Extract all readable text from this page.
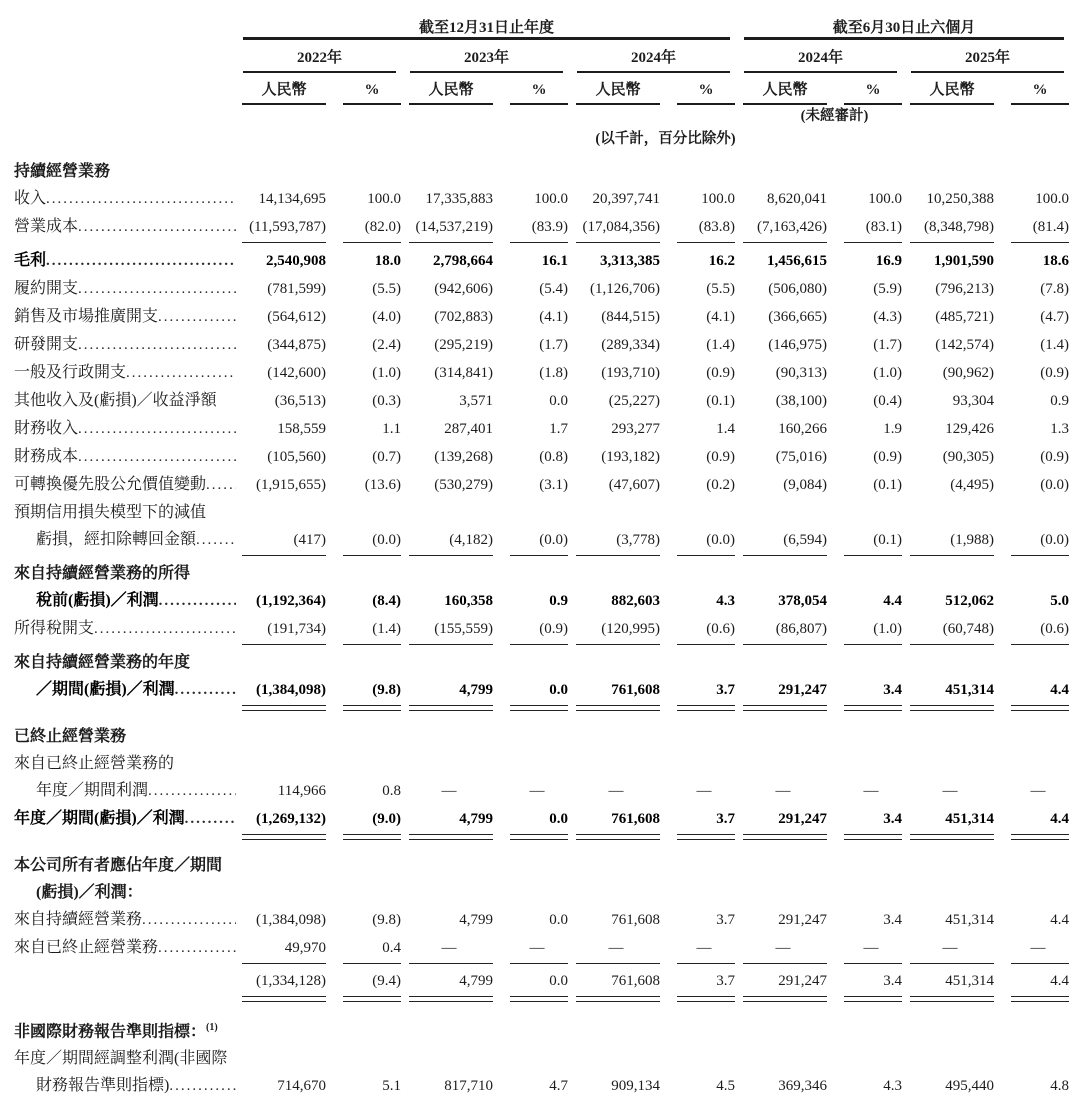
截至12月31日止年度	截至6月30日止六個月
2022年	2023年	2024年	2024年	2025年
人民幣	%	人民幣	%	人民幣	%	人民幣	%	人民幣	%
(未經審計)
(以千計，百分比除外)
持續經營業務
收入 .....	14,134,695	100.0	17,335,883	100.0	20,397,741	100.0	8,620,041	100.0	10,250,388	100.0
營業成本 .....	(11,593,787)	(82.0) (14,537,219)	(83.9) (17,084,356)	(83.8)	(7,163,426)	(83.1)	(8,348,798)	(81.4)
毛利 .....	2,540,908	18.0	2,798,664	16.1	3,313,385	16.2	1,456,615	16.9	1,901,590	18.6
履約開支 .....	(781,599)	(5.5)	(942,606)	(5.4)	(1,126,706)	(5.5)	(506,080)	(5.9)	(796,213)	(7.8)
銷售及市場推廣開支 .....	(564,612)	(4.0)	(702,883)	(4.1)	(844,515)	(4.1)	(366,665)	(4.3)	(485,721)	(4.7)
研發開支 .....	(344,875)	(2.4)	(295,219)	(1.7)	(289,334)	(1.4)	(146,975)	(1.7)	(142,574)	(1.4)
一般及行政開支 .....	(142,600)	(1.0)	(314,841)	(1.8)	(193,710)	(0.9)	(90,313)	(1.0)	(90,962)	(0.9)
其他收入及(虧損)／收益淨額	(36,513)	(0.3)	3,571	0.0	(25,227)	(0.1)	(38,100)	(0.4)	93,304	0.9
財務收入 .....	158,559	1.1	287,401	1.7	293,277	1.4	160,266	1.9	129,426	1.3
財務成本 .....	(105,560)	(0.7)	(139,268)	(0.8)	(193,182)	(0.9)	(75,016)	(0.9)	(90,305)	(0.9)
可轉換優先股公允價值變動 .....	(1,915,655)	(13.6)	(530,279)	(3.1)	(47,607)	(0.2)	(9,084)	(0.1)	(4,495)	(0.0)
預期信用損失模型下的減值
虧損，經扣除轉回金額 .....	(417)	(0.0)	(4,182)	(0.0)	(3,778)	(0.0)	(6,594)	(0.1)	(1,988)	(0.0)
來自持續經營業務的所得
稅前(虧損)／利潤 .....	(1,192,364)	(8.4)	160,358	0.9	882,603	4.3	378,054	4.4	512,062	5.0
所得稅開支 .....	(191,734)	(1.4)	(155,559)	(0.9)	(120,995)	(0.6)	(86,807)	(1.0)	(60,748)	(0.6)
來自持續經營業務的年度
／期間(虧損)／利潤 .....	(1,384,098)	(9.8)	4,799	0.0	761,608	3.7	291,247	3.4	451,314	4.4
已終止經營業務
來自已終止經營業務的
年度／期間利潤 .....	114,966	0.8	—	—	—	—	—	—	—	—
年度／期間(虧損)／利潤 .....	(1,269,132)	(9.0)	4,799	0.0	761,608	3.7	291,247	3.4	451,314	4.4
本公司所有者應佔年度／期間
(虧損)／利潤：
來自持續經營業務 .....	(1,384,098)	(9.8)	4,799	0.0	761,608	3.7	291,247	3.4	451,314	4.4
來自已終止經營業務 .....	49,970	0.4	—	—	—	—	—	—	—	—
(1,334,128)	(9.4)	4,799	0.0	761,608	3.7	291,247	3.4	451,314	4.4
非國際財務報告準則指標：$^{(1)}$
年度／期間經調整利潤(非國際
財務報告準則指標) .....	714,670	5.1	817,710	4.7	909,134	4.5	369,346	4.3	495,440	4.8
